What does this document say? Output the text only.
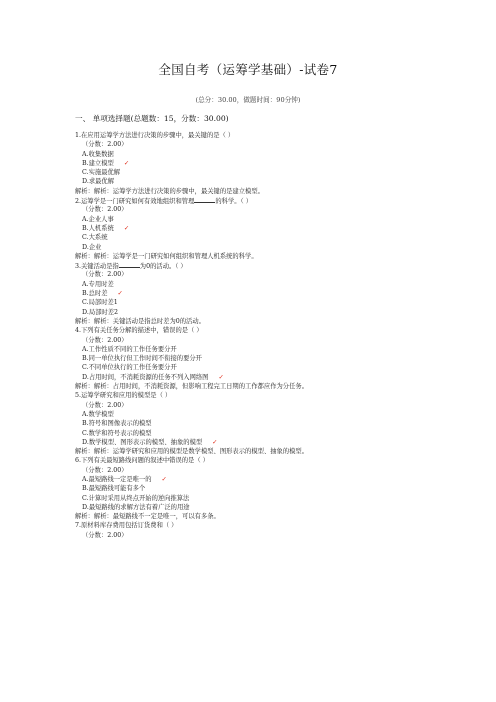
全国自考（运筹学基础）-试卷7
(总分：30.00，做题时间：90分钟)
一、 单项选择题(总题数：15，分数：30.00)
1.在应用运筹学方法进行决策的步骤中，最关键的是（ ）
（分数：2.00）
A.收集数据
B.建立模型 ✓
C.实施最优解
D.求最优解
解析：解析：运筹学方法进行决策的步骤中，最关键的是建立模型。
2.运筹学是一门研究如何有效地组织和管理	的科学。（ ）
（分数：2.00）
A.企业人事
B.人机系统 ✓
C.大系统
D.企业
解析：解析：运筹学是一门研究如何组织和管理人机系统的科学。
3.关键活动是指	为0的活动。（ ）
（分数：2.00）
A.专用时差
B.总时差 ✓
C.局部时差1
D.局部时差2
解析：解析：关键活动是指总时差为0的活动。
4.下列有关任务分解的描述中，错误的是（ ）
（分数：2.00）
A.工作性质不同的工作任务要分开
B.同一单位执行但工作时间不衔接的要分开
C.不同单位执行的工作任务要分开
D.占用时间，不消耗资源的任务不列入网络图 ✓
解析：解析：占用时间，不消耗资源，但影响工程完工日期的工作都应作为分任务。
5.运筹学研究和应用的模型是（ ）
（分数：2.00）
A.数学模型
B.符号和图像表示的模型
C.数学和符号表示的模型
D.数学模型、图形表示的模型、抽象的模型 ✓
解析：解析：运筹学研究和应用的模型是数学模型、图形表示的模型、抽象的模型。
6.下列有关最短路线问题的叙述中错误的是（ ）
（分数：2.00）
A.最短路线一定是唯一的 ✓
B.最短路线可能有多个
C.计算时采用从终点开始的逆向推算法
D.最短路线的求解方法有着广泛的用途
解析：解析：最短路线不一定是唯一，可以有多条。
7.原材料库存费用包括订货费和（ ）
（分数：2.00）
